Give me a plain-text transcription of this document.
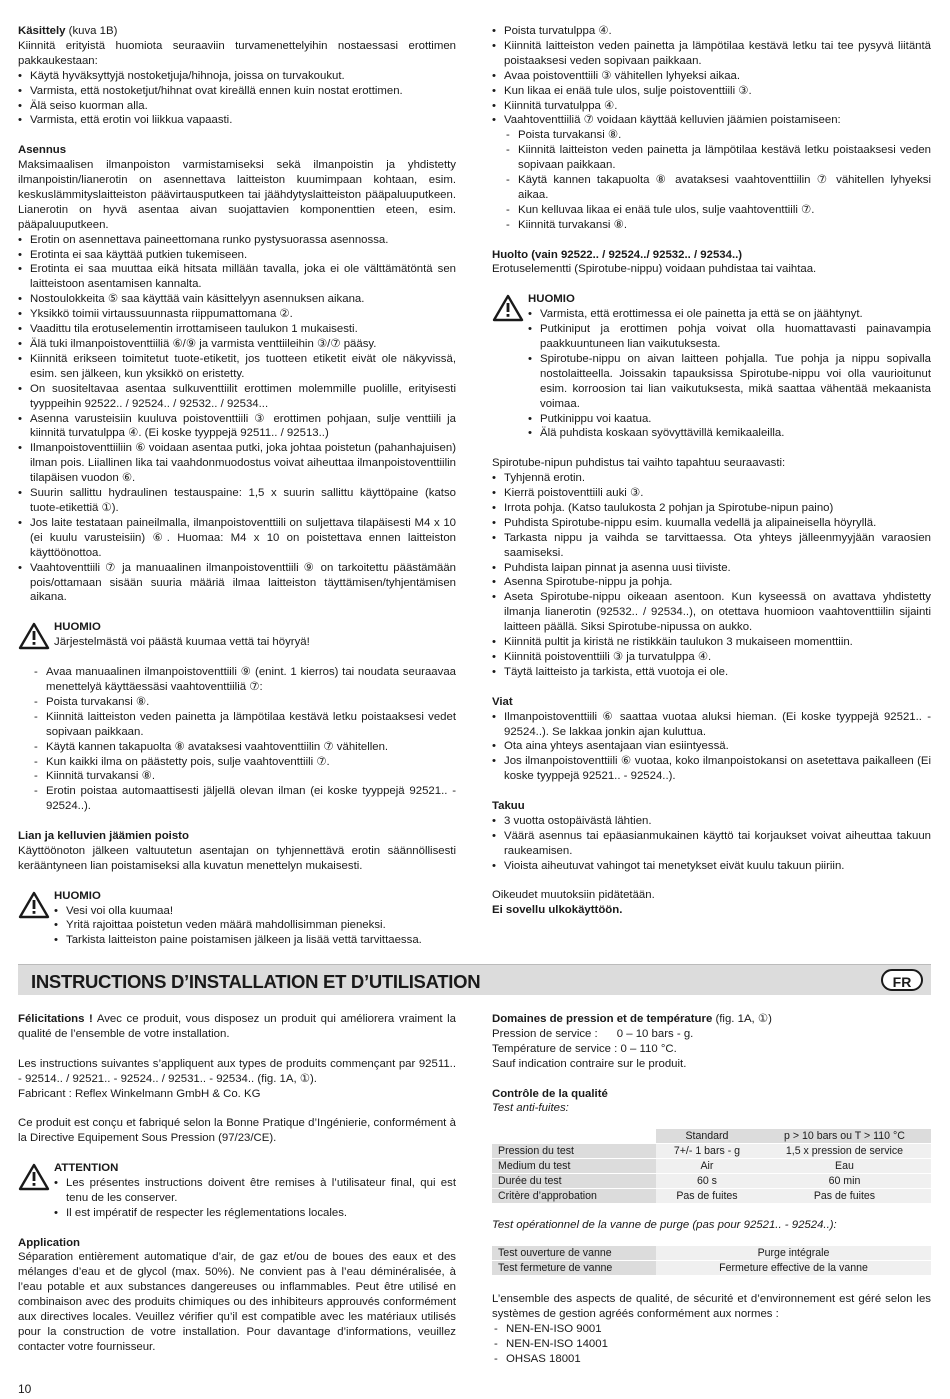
Käsittely (kuva 1B)

Kiinnitä erityistä huomiota seuraaviin turvamenettelyihin nostaessasi erottimen pakkaukestaan:

• Käytä hyväksyttyjä nostoketjuja/hihnoja, joissa on turvakoukut.
• Varmista, että nostoketjut/hihnat ovat kireällä ennen kuin nostat erottimen.
• Älä seiso kuorman alla.
• Varmista, että erotin voi liikkua vapaasti.

Asennus

Maksimaalisen ilmanpoiston varmistamiseksi sekä ilmanpoistin ja yhdistetty ilmanpoistin/lianerotin on asennettava laitteiston kuumimpaan kohtaan, esim. keskuslämmityslaitteiston päävirtausputkeen tai jäähdytyslaitteiston pääpaluuputkeen. Lianerotin on hyvä asentaa aivan suojattavien komponenttien eteen, esim. pääpaluuputkeen.

• Erotin on asennettava paineettomana runko pystysuorassa asennossa.
• Erotinta ei saa käyttää putkien tukemiseen.
• Erotinta ei saa muuttaa eikä hitsata millään tavalla, joka ei ole välttämätöntä sen laitteistoon asentamisen kannalta.
• Nostoulokkeita ⑤ saa käyttää vain käsittelyyn asennuksen aikana.
• Yksikkö toimii virtaussuunnasta riippumattomana ②.
• Vaadittu tila erotuselementin irrottamiseen taulukon 1 mukaisesti.
• Älä tuki ilmanpoistoventtiiliä ⑥/⑨ ja varmista venttiileihin ③/⑦ pääsy.
• Kiinnitä erikseen toimitetut tuote-etiketit, jos tuotteen etiketit eivät ole näkyvissä, esim. sen jälkeen, kun yksikkö on eristetty.
• On suositeltavaa asentaa sulkuventtiilit erottimen molemmille puolille, erityisesti tyyppeihin 92522.. / 92524.. / 92532.. / 92534...
• Asenna varusteisiin kuuluva poistoventtiili ③ erottimen pohjaan, sulje venttiili ja kiinnitä turvatulppa ④. (Ei koske tyyppejä 92511.. / 92513..)
• Ilmanpoistoventtiiliin ⑥ voidaan asentaa putki, joka johtaa poistetun (pahanhajuisen) ilman pois. Liiallinen lika tai vaahdonmuodostus voivat aiheuttaa ilmanpoistoventtiilin tilapäisen vuodon ⑥.
• Suurin sallittu hydraulinen testauspaine: 1,5 x suurin sallittu käyttöpaine (katso tuote-etikettiä ①).
• Jos laite testataan paineilmalla, ilmanpoistoventtiili on suljettava tilapäisesti M4 x 10 (ei kuulu varusteisiin) ⑥. Huomaa: M4 x 10 on poistettava ennen laitteiston käyttöönottoa.
• Vaahtoventtiili ⑦ ja manuaalinen ilmanpoistoventtiili ⑨ on tarkoitettu päästämään pois/ottamaan sisään suuria määriä ilmaa laitteiston täyttämisen/tyhjentämisen aikana.

HUOMIO

Järjestelmästä voi päästä kuumaa vettä tai höyryä!

- Avaa manuaalinen ilmanpoistoventtiili ⑨ (enint. 1 kierros) tai noudata seuraavaa menettelyä käyttäessäsi vaahtoventtiiliä ⑦:
- Poista turvakansi ⑧.
- Kiinnitä laitteiston veden painetta ja lämpötilaa kestävä letku poistaaksesi vedet sopivaan paikkaan.
- Käytä kannen takapuolta ⑧ avataksesi vaahtoventtiilin ⑦ vähitellen.
- Kun kaikki ilma on päästetty pois, sulje vaahtoventtiili ⑦.
- Kiinnitä turvakansi ⑧.
- Erotin poistaa automaattisesti jäljellä olevan ilman (ei koske tyyppejä 92521.. - 92524..).

Lian ja kelluvien jäämien poisto

Käyttöönoton jälkeen valtuutetun asentajan on tyhjennettävä erotin säännöllisesti kerääntyneen lian poistamiseksi alla kuvatun menettelyn mukaisesti.

HUOMIO

• Vesi voi olla kuumaa!
• Yritä rajoittaa poistetun veden määrä mahdollisimman pieneksi.
• Tarkista laitteiston paine poistamisen jälkeen ja lisää vettä tarvittaessa.
• Poista turvatulppa ④.
• Kiinnitä laitteiston veden painetta ja lämpötilaa kestävä letku tai tee pysyvä liitäntä poistaaksesi veden sopivaan paikkaan.
• Avaa poistoventtiili ③ vähitellen lyhyeksi aikaa.
• Kun likaa ei enää tule ulos, sulje poistoventtiili ③.
• Kiinnitä turvatulppa ④.
• Vaahtoventtiiliä ⑦ voidaan käyttää kelluvien jäämien poistamiseen:
- Poista turvakansi ⑧.
- Kiinnitä laitteiston veden painetta ja lämpötilaa kestävä letku poistaaksesi veden sopivaan paikkaan.
- Käytä kannen takapuolta ⑧ avataksesi vaahtoventtiilin ⑦ vähitellen lyhyeksi aikaa.
- Kun kelluvaa likaa ei enää tule ulos, sulje vaahtoventtiili ⑦.
- Kiinnitä turvakansi ⑧.

Huolto (vain 92522.. / 92524../ 92532.. / 92534..)

Erotuselementti (Spirotube-nippu) voidaan puhdistaa tai vaihtaa.

HUOMIO

• Varmista, että erottimessa ei ole painetta ja että se on jäähtynyt.
• Putkiniput ja erottimen pohja voivat olla huomattavasti painavampia paakkuuntuneen lian vaikutuksesta.
• Spirotube-nippu on aivan laitteen pohjalla. Tue pohja ja nippu sopivalla nostolaitteella. Joissakin tapauksissa Spirotube-nippu voi olla vaurioitunut esim. korroosion tai lian vaikutuksesta, mikä saattaa vähentää mekaanista voimaa.
• Putkinippu voi kaatua.
• Älä puhdista koskaan syövyttävillä kemikaaleilla.

Spirotube-nipun puhdistus tai vaihto tapahtuu seuraavasti:

• Tyhjennä erotin.
• Kierrä poistoventtiili auki ③.
• Irrota pohja. (Katso taulukosta 2 pohjan ja Spirotube-nipun paino)
• Puhdista Spirotube-nippu esim. kuumalla vedellä ja alipaineisella höyryllä.
• Tarkasta nippu ja vaihda se tarvittaessa. Ota yhteys jälleenmyyjään varaosien saamiseksi.
• Puhdista laipan pinnat ja asenna uusi tiiviste.
• Asenna Spirotube-nippu ja pohja.
• Aseta Spirotube-nippu oikeaan asentoon. Kun kyseessä on avattava yhdistetty ilmanja lianerotin (92532.. / 92534..), on otettava huomioon vaahtoventtiilin sijainti laitteen päällä. Siksi Spirotube-nipussa on aukko.
• Kiinnitä pultit ja kiristä ne ristikkäin taulukon 3 mukaiseen momenttiin.
• Kiinnitä poistoventtiili ③ ja turvatulppa ④.
• Täytä laitteisto ja tarkista, että vuotoja ei ole.

Viat

• Ilmanpoistoventtiili ⑥ saattaa vuotaa aluksi hieman. (Ei koske tyyppejä 92521.. - 92524..). Se lakkaa jonkin ajan kuluttua.
• Ota aina yhteys asentajaan vian esiintyessä.
• Jos ilmanpoistoventtiili ⑥ vuotaa, koko ilmanpoistokansi on asetettava paikalleen (Ei koske tyyppejä 92521.. - 92524..).

Takuu

• 3 vuotta ostopäivästä lähtien.
• Väärä asennus tai epäasianmukainen käyttö tai korjaukset voivat aiheuttaa takuun raukeamisen.
• Vioista aiheutuvat vahingot tai menetykset eivät kuulu takuun piiriin.

Oikeudet muutoksiin pidätetään.

Ei sovellu ulkokäyttöön.

INSTRUCTIONS D’INSTALLATION ET D’UTILISATION	FR

Félicitations ! Avec ce produit, vous disposez un produit qui améliorera vraiment la qualité de l’ensemble de votre installation.

Les instructions suivantes s’appliquent aux types de produits commençant par 92511.. - 92514.. / 92521.. - 92524.. / 92531.. - 92534.. (fig. 1A, ①).

Fabricant : Reflex Winkelmann GmbH & Co. KG

Ce produit est conçu et fabriqué selon la Bonne Pratique d’Ingénierie, conformément à la Directive Equipement Sous Pression (97/23/CE).

ATTENTION

• Les présentes instructions doivent être remises à l’utilisateur final, qui est tenu de les conserver.
• Il est impératif de respecter les réglementations locales.

Application

Séparation entièrement automatique d’air, de gaz et/ou de boues des eaux et des mélanges d’eau et de glycol (max. 50%). Ne convient pas à l’eau déminéralisée, à l’eau potable et aux substances dangereuses ou inflammables. Peut être utilisé en combinaison avec des produits chimiques ou des inhibiteurs approuvés conformément aux directives locales. Veuillez vérifier qu’il est compatible avec les matériaux utilisés pour la construction de votre installation. Pour davantage d’informations, veuillez contacter votre fournisseur.

Domaines de pression et de température (fig. 1A, ①)

Pression de service :      0 – 10 bars - g.

Température de service : 0 – 110 °C.

Sauf indication contraire sur le produit.

Contrôle de la qualité

Test anti-fuites:

	Standard	p > 10 bars ou T > 110 °C
Pression du test	7+/- 1 bars - g	1,5 x pression de service
Medium du test	Air	Eau
Durée du test	60 s	60 min
Critère d’approbation	Pas de fuites	Pas de fuites

Test opérationnel de la vanne de purge (pas pour 92521.. - 92524..):

Test ouverture de vanne	Purge intégrale
Test fermeture de vanne	Fermeture effective de la vanne

L’ensemble des aspects de qualité, de sécurité et d’environnement est géré selon les systèmes de gestion agréés conformément aux normes :

- NEN-EN-ISO 9001
- NEN-EN-ISO 14001
- OHSAS 18001
10
